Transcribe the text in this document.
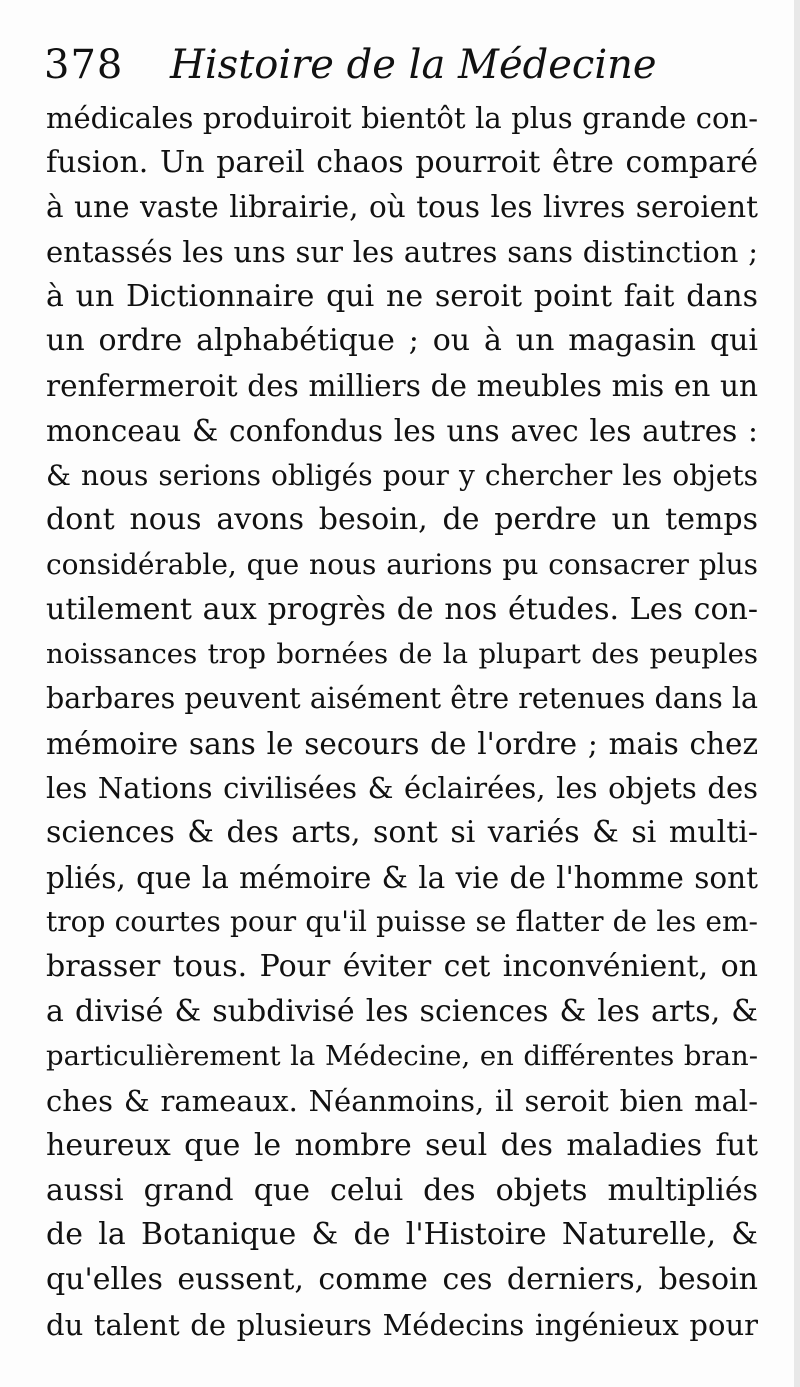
378 Histoire de la Médecine
médicales produiroit bientôt la plus grande con-
fusion. Un pareil chaos pourroit être comparé
à une vaste librairie, où tous les livres seroient
entassés les uns sur les autres sans distinction ;
à un Dictionnaire qui ne seroit point fait dans
un ordre alphabétique ; ou à un magasin qui
renfermeroit des milliers de meubles mis en un
monceau & confondus les uns avec les autres :
& nous serions obligés pour y chercher les objets
dont nous avons besoin, de perdre un temps
considérable, que nous aurions pu consacrer plus
utilement aux progrès de nos études. Les con-
noissances trop bornées de la plupart des peuples
barbares peuvent aisément être retenues dans la
mémoire sans le secours de l'ordre ; mais chez
les Nations civilisées & éclairées, les objets des
sciences & des arts, sont si variés & si multi-
pliés, que la mémoire & la vie de l'homme sont
trop courtes pour qu'il puisse se flatter de les em-
brasser tous. Pour éviter cet inconvénient, on
a divisé & subdivisé les sciences & les arts, &
particulièrement la Médecine, en différentes bran-
ches & rameaux. Néanmoins, il seroit bien mal-
heureux que le nombre seul des maladies fut
aussi grand que celui des objets multipliés
de la Botanique & de l'Histoire Naturelle, &
qu'elles eussent, comme ces derniers, besoin
du talent de plusieurs Médecins ingénieux pour
